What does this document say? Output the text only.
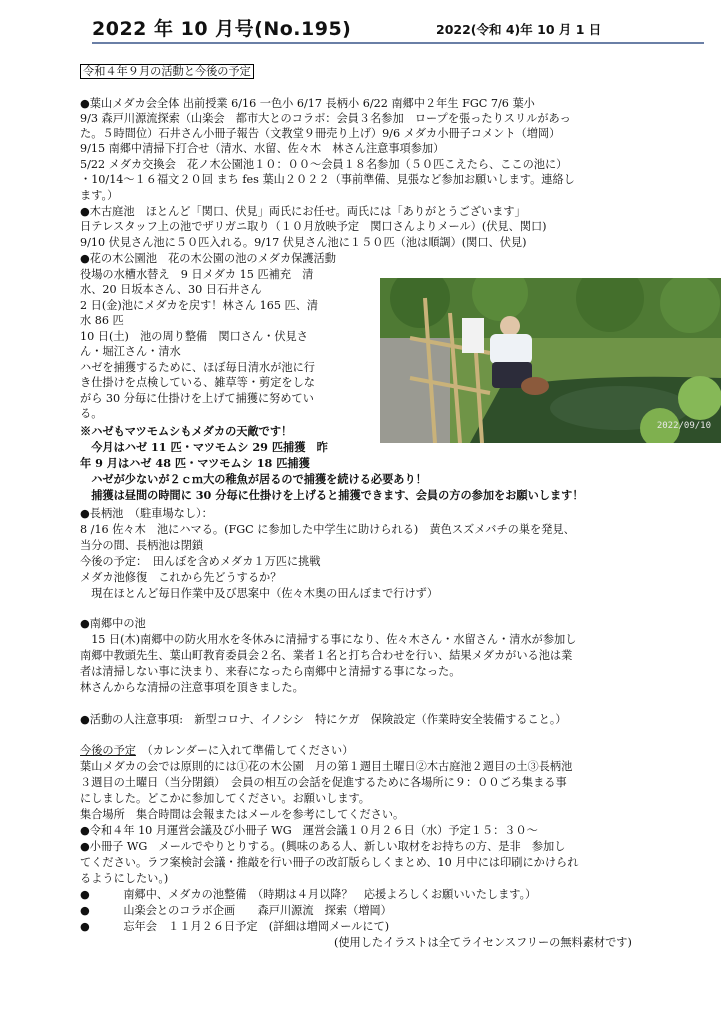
2022 年 10 月号(No.195)	2022(令和 4)年 10 月 1 日
令和４年９月の活動と今後の予定
●葉山メダカ会全体 出前授業 6/16 一色小 6/17 長柄小 6/22 南郷中２年生 FGC 7/6 葉小
9/3 森戸川源流探索（山楽会　都市大とのコラボ：会員３名参加　ロープを張ったりスリルがあっ
た。５時間位）石井さん小冊子報告（文教堂９冊売り上げ）9/6 メダカ小冊子コメント（増岡）
9/15 南郷中清掃下打合せ（清水、水留、佐々木　林さん注意事項参加）
5/22 メダカ交換会　花ノ木公園池１０：００～会員１８名参加（５０匹こえたら、ここの池に）
・10/14～１６福文２０回 まち fes 葉山２０２２（事前準備、見張など参加お願いします。連絡し
ます。）
●木古庭池　ほとんど「関口、伏見」両氏にお任せ。両氏には「ありがとうございます」
日テレスタッフ上の池でザリガニ取り（１０月放映予定　関口さんよりメール）(伏見、関口)
9/10 伏見さん池に５０匹入れる。9/17 伏見さん池に１５０匹（池は順調）(関口、伏見)
●花の木公園池　花の木公園の池のメダカ保護活動
役場の水槽水替え　9 日メダカ 15 匹補充　清
水、20 日坂本さん、30 日石井さん
2 日(金)池にメダカを戻す！林さん 165 匹、清
水 86 匹
10 日(土)　池の周り整備　関口さん・伏見さ
ん・堀江さん・清水
ハゼを捕獲するために、ほぼ毎日清水が池に行
き仕掛けを点検している、雑草等・剪定をしな
がら 30 分毎に仕掛けを上げて捕獲に努めてい
る。
※ハゼもマツモムシもメダカの天敵です！
　今月はハゼ 11 匹・マツモムシ 29 匹捕獲　昨
年 9 月はハゼ 48 匹・マツモムシ 18 匹捕獲
　ハゼが少ないが２ｃｍ大の稚魚が居るので捕獲を続ける必要あり！
　捕獲は昼間の時間に 30 分毎に仕掛けを上げると捕獲できます、会員の方の参加をお願いします！
2022/09/10
●長柄池　（駐車場なし）：
8 /16 佐々木　池にハマる。(FGC に参加した中学生に助けられる)　黄色スズメバチの巣を発見、
当分の間、長柄池は閉鎖
今後の予定：　田んぼを含めメダカ１万匹に挑戦
メダカ池修復　これから先どうするか？
　現在ほとんど毎日作業中及び思案中（佐々木奥の田んぼまで行けず）
●南郷中の池
　15 日(木)南郷中の防火用水を冬休みに清掃する事になり、佐々木さん・水留さん・清水が参加し
南郷中教頭先生、葉山町教育委員会２名、業者１名と打ち合わせを行い、結果メダカがいる池は業
者は清掃しない事に決まり、来春になったら南郷中と清掃する事になった。
林さんからな清掃の注意事項を頂きました。
●活動の人注意事項:　新型コロナ、イノシシ　特にケガ　保険設定（作業時安全装備すること。）
今後の予定　（カレンダーに入れて準備してください）
葉山メダカの会では原則的には①花の木公園　月の第１週目土曜日②木古庭池２週目の土③長柄池
３週目の土曜日（当分閉鎖）　会員の相互の会話を促進するために各場所に９：００ごろ集まる事
にしました。どこかに参加してください。お願いします。
集合場所　集合時間は会報またはメールを参考にしてください。
●令和４年 10 月運営会議及び小冊子 WG　運営会議１０月２６日（水）予定１５：３０～
●小冊子 WG　メールでやりとりする。(興味のある人、新しい取材をお持ちの方、是非　参加し
てください。ラフ案検討会議・推敲を行い冊子の改訂版らしくまとめ、10 月中には印刷にかけられ
るようにしたい。)
●　　　南郷中、メダカの池整備　（時期は４月以降？　応援よろしくお願いいたします。）
●　　　山楽会とのコラボ企画　　森戸川源流　探索（増岡）
●　　　忘年会　１１月２６日予定　(詳細は増岡メールにて)
(使用したイラストは全てライセンスフリーの無料素材です)
